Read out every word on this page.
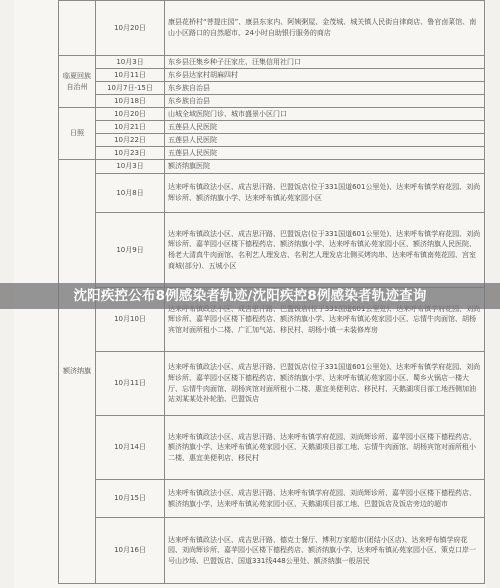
	10月20日	康县花桥村“菩提庄园”、康县东家内、阿姨粥屋、金茂城、城关镇人民街自律商店、鲁官卤菜馆、南山小区路口的自然超市、24小时自助银行服务的商店
临夏回族自治州	10月3日	东乡县汪集乡种子汪家庄、汪集信用社门口
	10月11日	东乡县达家村胡麻四村
	10月7日-15日	东乡族自治县
	10月18日	东乡族自治县
日照	10月20日	山城全域医院门诊、城市盛景小区门口
	10月21日	五莲县人民医院
	10月22日	五莲县人民医院
	10月23日	五莲县人民医院
额济纳旗	10月3日	额济纳旗医院
	10月8日	达来呼布镇政法小区、成吉思汗路、巴盟饭店(位于331国道601公里处)、达来呼布镇学府花园、刘尚辉诊所、额济纳旗小学、达来呼布镇沁苑家园小区
	10月9日	达来呼布镇政法小区、成吉思汗路、巴盟饭店(位于331国道601公里处)、达来呼布镇学府花园、刘尚辉诊所、嘉苹园小区楼下德程药店、额济纳旗小学、达来呼布镇沁苑家园小区、额济纳旗人民医院、杨老大清真牛肉面馆、名利艺人理发店、名利艺人理发店北侧买烤肉串、达来呼布镇南苑花园、宫室商城(部分)、五城小区
	10月10日	辉诊所、嘉苹园小区楼下德程药店、额济纳旗小学、达来呼布镇沁苑家园小区、忘情牛肉面馆、胡杨宾馆对面所租小二楼、广汇加气站、移民村、胡杨小镇一未装修库房
	10月11日	达来呼布镇政法小区、成吉思汗路、巴盟饭店(位于331国道601公里处)、达来呼布镇学府花园、刘尚辉诊所、嘉苹园小区楼下德程药店、额济纳旗小学、达来呼布镇沁苑家园小区、蜀乡火锅店一楼大厅、忘情牛肉面馆、胡杨宾馆对面所租小二楼、惠宜美便利店、移民村、天鹅湖项目部工地西侧加油站刘某某处补轮胎、巴盟饭店
	10月14日	达来呼布镇政法小区、成吉思汗路、达来呼布镇学府花园、刘尚辉诊所、嘉苹园小区楼下德程药店、额济纳旗小学、达来呼布镇沁苑家园小区、天鹅湖项目部工地、忘情牛肉面馆、胡杨宾馆对面所租小二楼、惠宜美便利店、移民村
	10月15日	达来呼布镇政法小区、成吉思汗路、达来呼布镇学府花园、刘尚辉诊所、嘉苹园小区楼下德程药店、额济纳旗小学、达来呼布镇沁苑家园小区、天鹅湖项目部工地、巴盟饭店及饭店旁边的超市
	10月16日	达来呼布镇政法小区、成吉思汗路、德克士餐厅、博利万家超市(团结小区店)、达来呼布镇学府花园、刘尚辉诊所、嘉苹园小区楼下德程药店、额济纳旗小学、达来呼布镇沁苑家园小区、策克口岸一号山沙场、巴盟饭店、国道331线448公里处、额济纳旗一般居民
沈阳疾控公布8例感染者轨迹/沈阳疾控8例感染者轨迹查询
